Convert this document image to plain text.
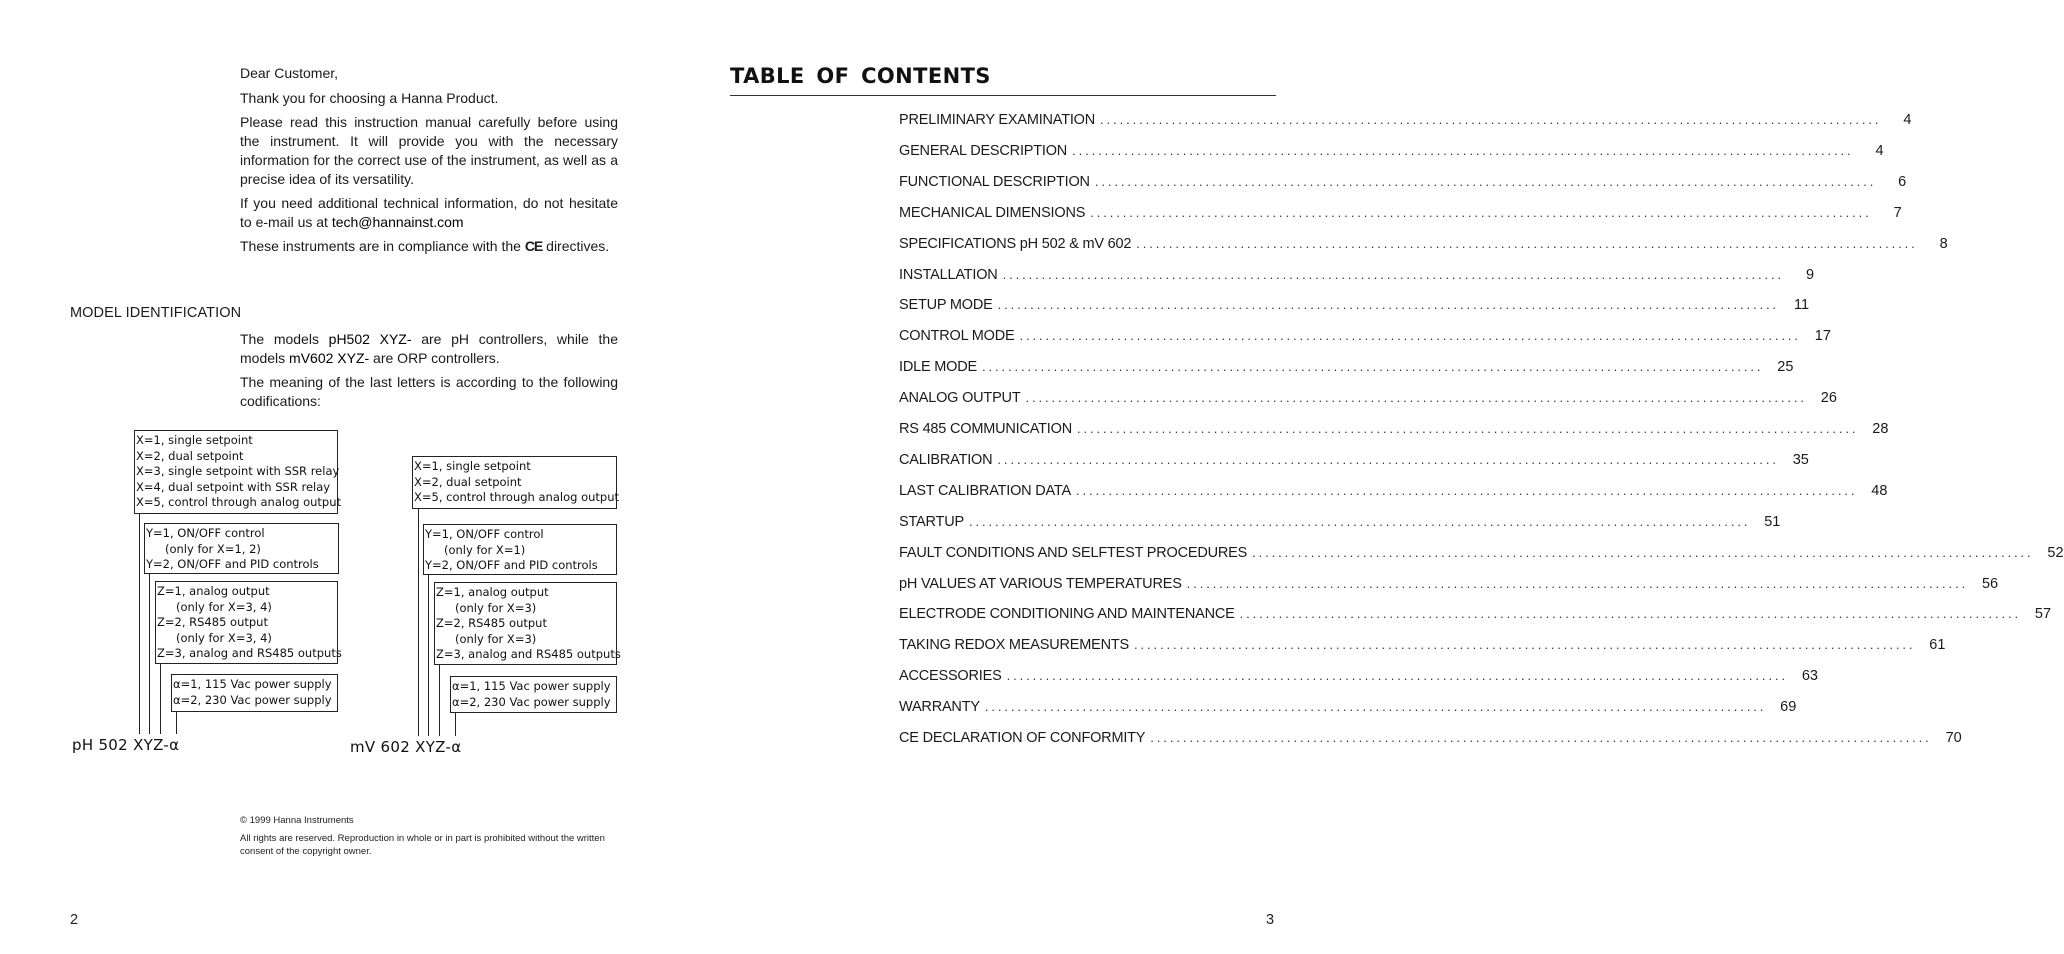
Dear Customer,

Thank you for choosing a Hanna Product.

Please read this instruction manual carefully before using the instrument. It will provide you with the necessary information for the correct use of the instrument, as well as a precise idea of its versatility.

If you need additional technical information, do not hesitate to e-mail us at tech@hannainst.com

These instruments are in compliance with the CE directives.

MODEL IDENTIFICATION

The models pH502 XYZ- are pH controllers, while the models mV602 XYZ- are ORP controllers.

The meaning of the last letters is according to the following codifications:

X=1, single setpoint
X=2, dual setpoint
X=3, single setpoint with SSR relay
X=4, dual setpoint with SSR relay
X=5, control through analog output
Y=1, ON/OFF control
(only for X=1, 2)
Y=2, ON/OFF and PID controls
Z=1, analog output
(only for X=3, 4)
Z=2, RS485 output
(only for X=3, 4)
Z=3, analog and RS485 outputs
α=1, 115 Vac power supply
α=2, 230 Vac power supply
pH 502 XYZ-α
X=1, single setpoint
X=2, dual setpoint
X=5, control through analog output
Y=1, ON/OFF control
(only for X=1)
Y=2, ON/OFF and PID controls
Z=1, analog output
(only for X=3)
Z=2, RS485 output
(only for X=3)
Z=3, analog and RS485 outputs
α=1, 115 Vac power supply
α=2, 230 Vac power supply
mV 602 XYZ-α

© 1999 Hanna Instruments

All rights are reserved. Reproduction in whole or in part is prohibited without the written consent of the copyright owner.

2
TABLE OF CONTENTS
PRELIMINARY EXAMINATION ........................................................................................................................	4
GENERAL DESCRIPTION ........................................................................................................................	4
FUNCTIONAL DESCRIPTION ........................................................................................................................	6
MECHANICAL DIMENSIONS ........................................................................................................................	7
SPECIFICATIONS pH 502 & mV 602 ........................................................................................................................	8
INSTALLATION ........................................................................................................................	9
SETUP MODE ........................................................................................................................	11
CONTROL MODE ........................................................................................................................ 17
IDLE MODE ........................................................................................................................ 25
ANALOG OUTPUT ........................................................................................................................ 26
RS 485 COMMUNICATION ........................................................................................................................ 28
CALIBRATION ........................................................................................................................ 35
LAST CALIBRATION DATA ........................................................................................................................ 48
STARTUP ........................................................................................................................ 51
FAULT CONDITIONS AND SELFTEST PROCEDURES ........................................................................................................................ 52
pH VALUES AT VARIOUS TEMPERATURES ........................................................................................................................ 56
ELECTRODE CONDITIONING AND MAINTENANCE ........................................................................................................................ 57
TAKING REDOX MEASUREMENTS ........................................................................................................................ 61
ACCESSORIES ........................................................................................................................ 63
WARRANTY ........................................................................................................................ 69
CE DECLARATION OF CONFORMITY ........................................................................................................................ 70
3
